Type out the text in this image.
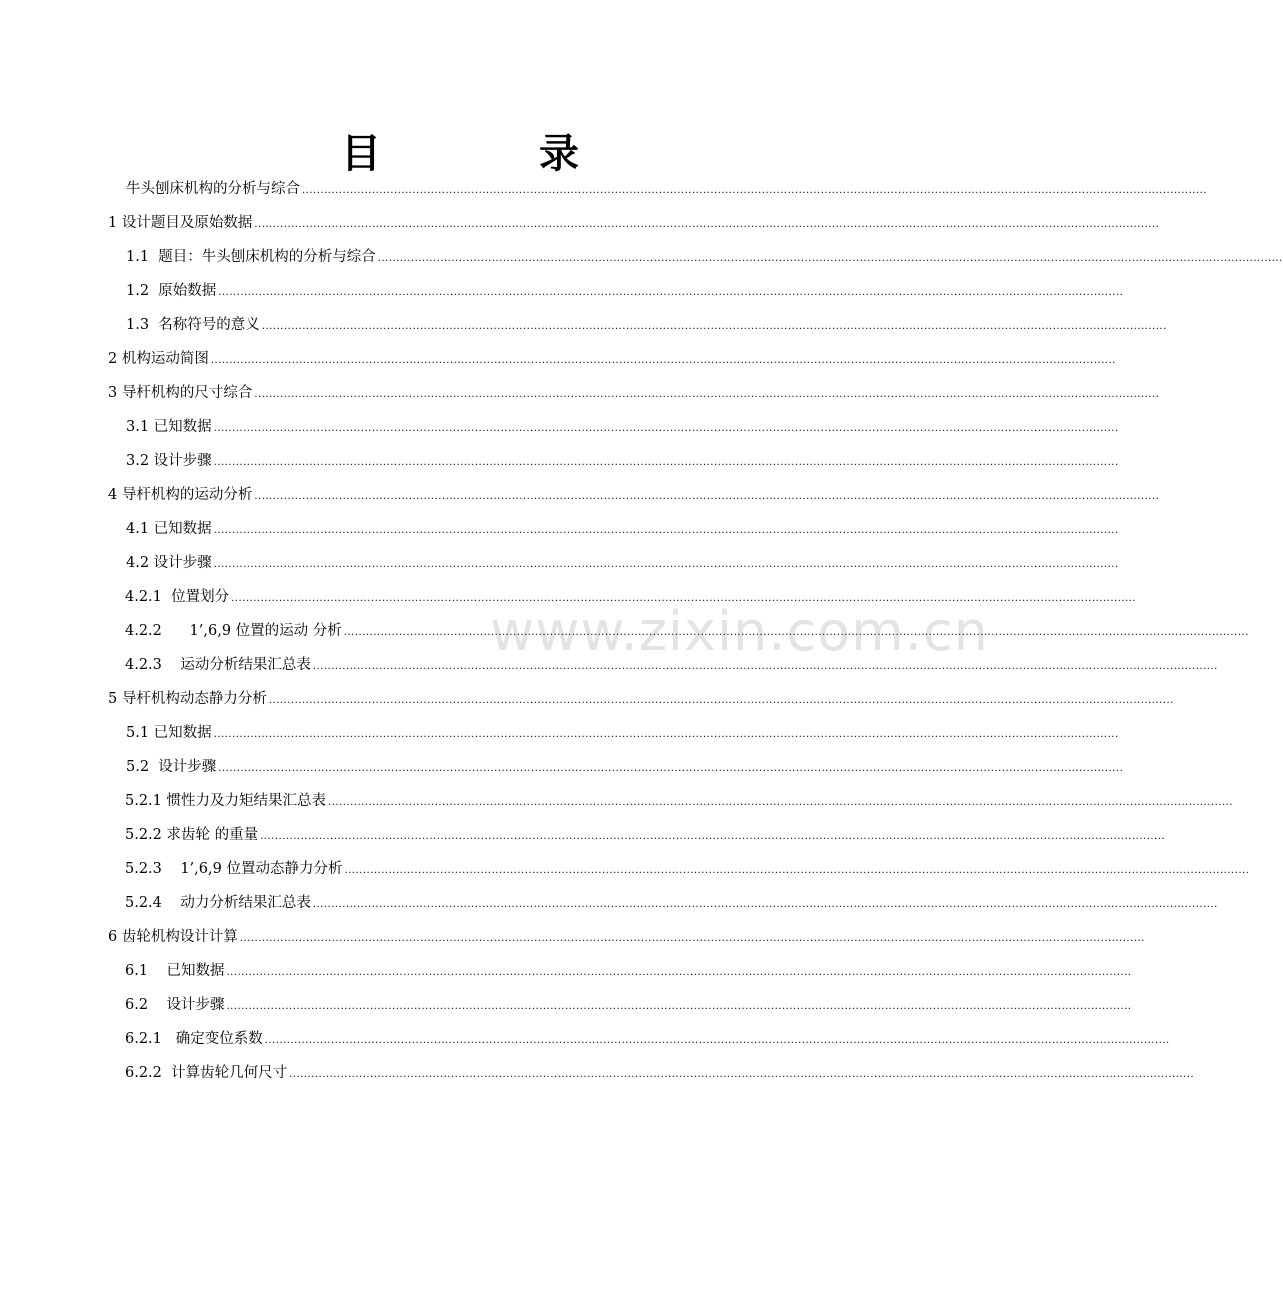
目 录
www.zixin.com.cn
牛头刨床机构的分析与综合
.....
1 设计题目及原始数据
.....
1.1  题目：牛头刨床机构的分析与综合
.....
1.2  原始数据
.....
1.3  名称符号的意义
.....
2 机构运动简图
.....
3 导杆机构的尺寸综合
.....
3.1 已知数据
.....
3.2 设计步骤
.....
4 导杆机构的运动分析
.....
4.1 已知数据
.....
4.2 设计步骤
.....
4.2.1  位置划分
.....
4.2.2      1’,6,9 位置的运动 分析
.....
4.2.3    运动分析结果汇总表
.....
5 导杆机构动态静力分析
.....
5.1 已知数据
.....
5.2  设计步骤
.....
5.2.1 惯性力及力矩结果汇总表
.....
5.2.2 求齿轮 的重量
.....
5.2.3    1’,6,9 位置动态静力分析
.....
5.2.4    动力分析结果汇总表
.....
6 齿轮机构设计计算
.....
6.1    已知数据
.....
6.2    设计步骤
.....
6.2.1   确定变位系数
.....
6.2.2  计算齿轮几何尺寸
.....
